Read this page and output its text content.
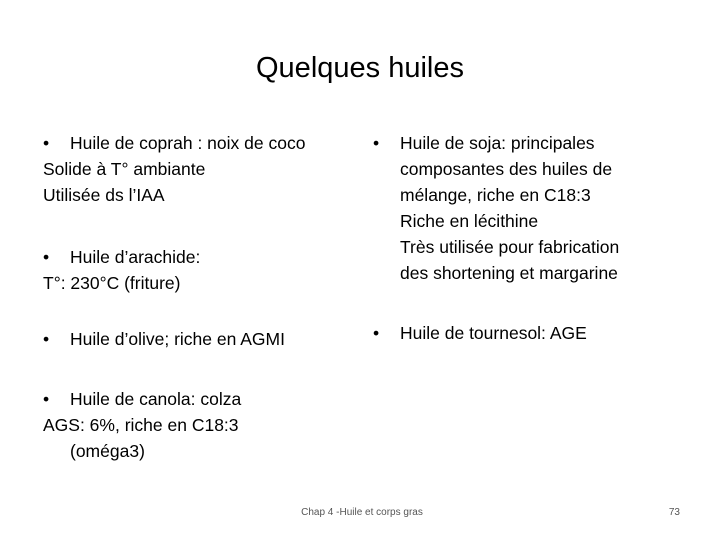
Quelques huiles
• Huile de coprah : noix de coco
Solide à T° ambiante
Utilisée ds l’IAA
• Huile d’arachide:
T°: 230°C (friture)
• Huile d’olive; riche en AGMI
• Huile de canola: colza
AGS: 6%, riche en C18:3
(oméga3)
• Huile de soja: principales
composantes des huiles de
mélange, riche en C18:3
Riche en lécithine
Très utilisée pour fabrication
des shortening et margarine
• Huile de tournesol: AGE
Chap 4 -Huile et corps gras	73
